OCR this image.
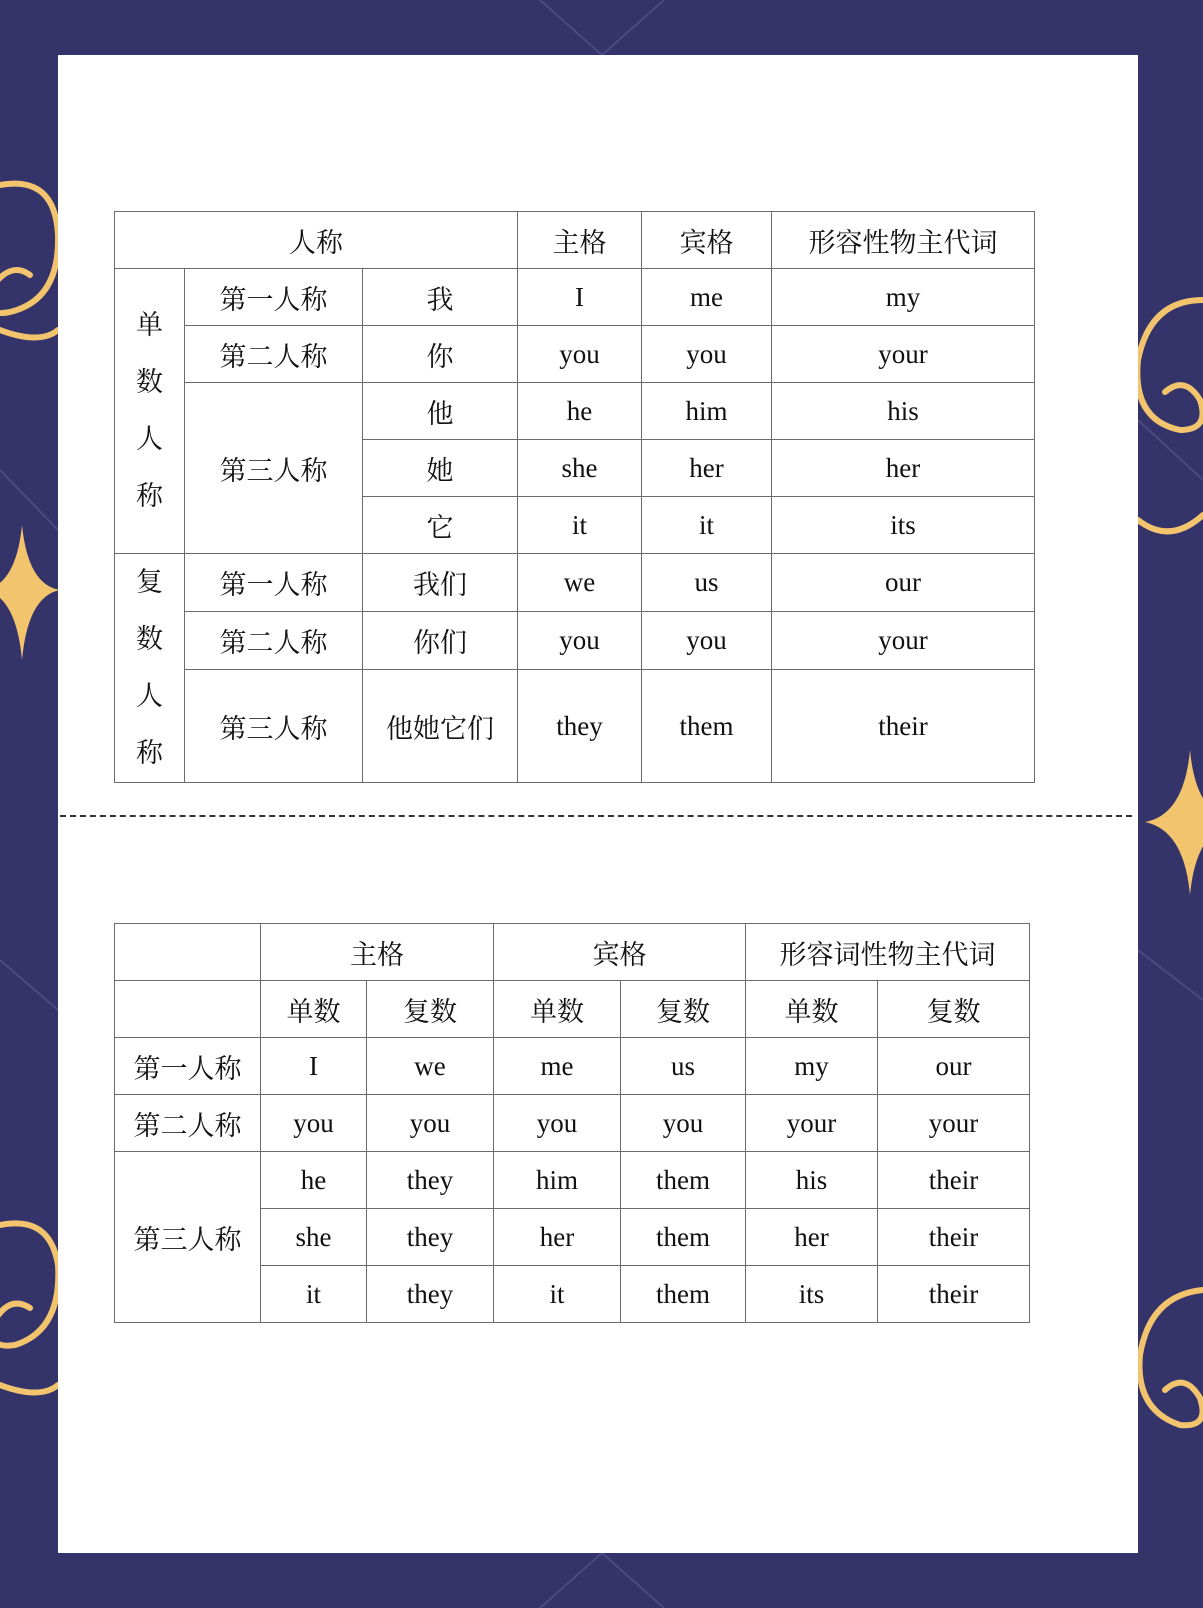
人称			主格	宾格	形容性物主代词

单
数
人
称	第一人称	我	I	me	my
	第二人称	你	you	you	your
	第三人称	他	he	him	his
		她	she	her	her
		它	it	it	its

复
数
人
称	第一人称	我们	we	us	our
	第二人称	你们	you	you	your
	第三人称	他她它们	they	them	their
	主格		宾格		形容词性物主代词	
	单数	复数	单数	复数	单数	复数
第一人称	I	we	me	us	my	our
第二人称	you	you	you	you	your	your
第三人称	he	they	him	them	his	their
	she	they	her	them	her	their
	it	they	it	them	its	their
